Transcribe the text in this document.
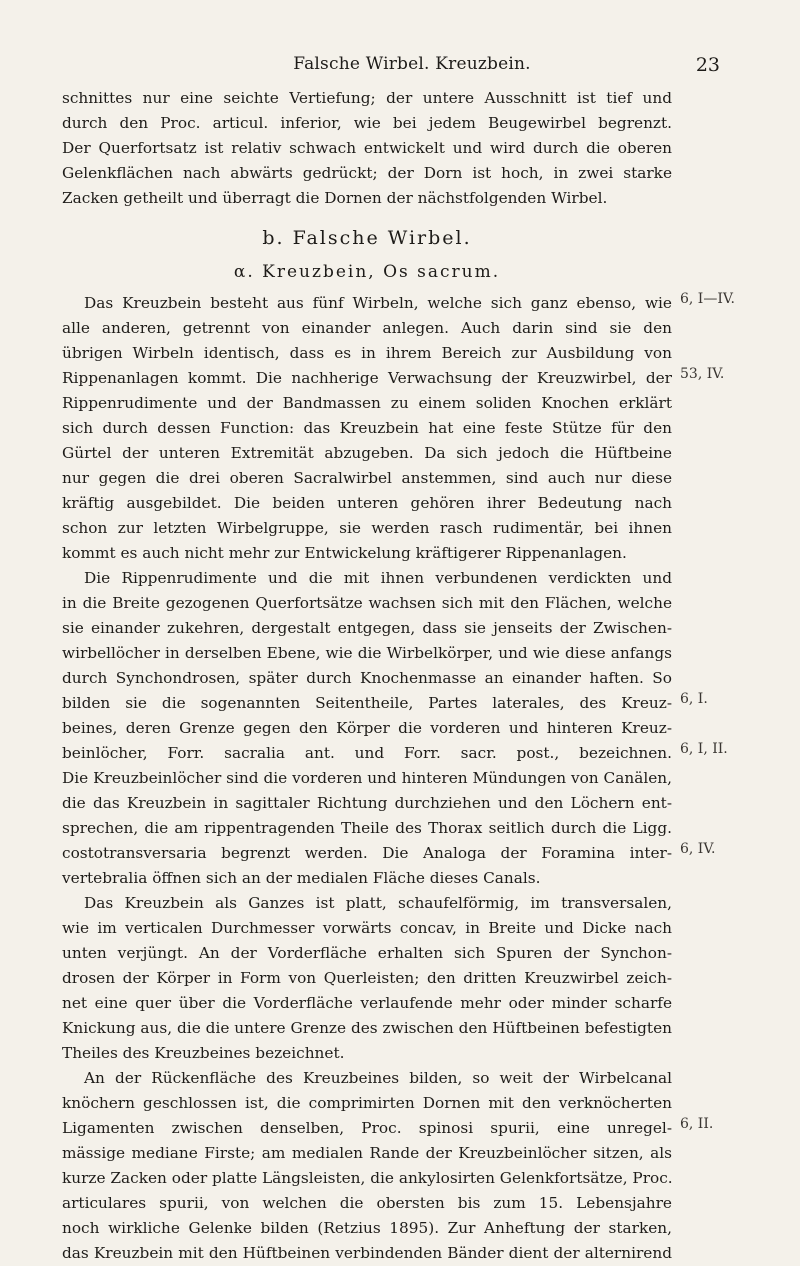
Falsche Wirbel. Kreuzbein.	23
schnittes nur eine seichte Vertiefung; der untere Ausschnitt ist tief und
durch den Proc. articul. inferior, wie bei jedem Beugewirbel begrenzt.
Der Querfortsatz ist relativ schwach entwickelt und wird durch die oberen
Gelenkflächen nach abwärts gedrückt; der Dorn ist hoch, in zwei starke
Zacken getheilt und überragt die Dornen der nächstfolgenden Wirbel.
b. Falsche Wirbel.
α. Kreuzbein, Os sacrum.
Das Kreuzbein besteht aus fünf Wirbeln, welche sich ganz ebenso, wie 6, I—IV.
alle anderen, getrennt von einander anlegen. Auch darin sind sie den
übrigen Wirbeln identisch, dass es in ihrem Bereich zur Ausbildung von
Rippenanlagen kommt. Die nachherige Verwachsung der Kreuzwirbel, der 53, IV.
Rippenrudimente und der Bandmassen zu einem soliden Knochen erklärt
sich durch dessen Function: das Kreuzbein hat eine feste Stütze für den
Gürtel der unteren Extremität abzugeben. Da sich jedoch die Hüftbeine
nur gegen die drei oberen Sacralwirbel anstemmen, sind auch nur diese
kräftig ausgebildet. Die beiden unteren gehören ihrer Bedeutung nach
schon zur letzten Wirbelgruppe, sie werden rasch rudimentär, bei ihnen
kommt es auch nicht mehr zur Entwickelung kräftigerer Rippenanlagen.
Die Rippenrudimente und die mit ihnen verbundenen verdickten und
in die Breite gezogenen Querfortsätze wachsen sich mit den Flächen, welche
sie einander zukehren, dergestalt entgegen, dass sie jenseits der Zwischen-
wirbellöcher in derselben Ebene, wie die Wirbelkörper, und wie diese anfangs
durch Synchondrosen, später durch Knochenmasse an einander haften. So
bilden sie die sogenannten Seitentheile, Partes laterales, des Kreuz- 6, I.
beines, deren Grenze gegen den Körper die vorderen und hinteren Kreuz-
beinlöcher, Forr. sacralia ant. und Forr. sacr. post., bezeichnen. 6, I, II.
Die Kreuzbeinlöcher sind die vorderen und hinteren Mündungen von Canälen,
die das Kreuzbein in sagittaler Richtung durchziehen und den Löchern ent-
sprechen, die am rippentragenden Theile des Thorax seitlich durch die Ligg.
costotransversaria begrenzt werden. Die Analoga der Foramina inter- 6, IV.
vertebralia öffnen sich an der medialen Fläche dieses Canals.
Das Kreuzbein als Ganzes ist platt, schaufelförmig, im transversalen,
wie im verticalen Durchmesser vorwärts concav, in Breite und Dicke nach
unten verjüngt. An der Vorderfläche erhalten sich Spuren der Synchon-
drosen der Körper in Form von Querleisten; den dritten Kreuzwirbel zeich-
net eine quer über die Vorderfläche verlaufende mehr oder minder scharfe
Knickung aus, die die untere Grenze des zwischen den Hüftbeinen befestigten
Theiles des Kreuzbeines bezeichnet.
An der Rückenfläche des Kreuzbeines bilden, so weit der Wirbelcanal
knöchern geschlossen ist, die comprimirten Dornen mit den verknöcherten
Ligamenten zwischen denselben, Proc. spinosi spurii, eine unregel- 6, II.
mässige mediane Firste; am medialen Rande der Kreuzbeinlöcher sitzen, als
kurze Zacken oder platte Längsleisten, die ankylosirten Gelenkfortsätze, Proc.
articulares spurii, von welchen die obersten bis zum 15. Lebensjahre
noch wirkliche Gelenke bilden (Retzius 1895). Zur Anheftung der starken,
das Kreuzbein mit den Hüftbeinen verbindenden Bänder dient der alternirend
